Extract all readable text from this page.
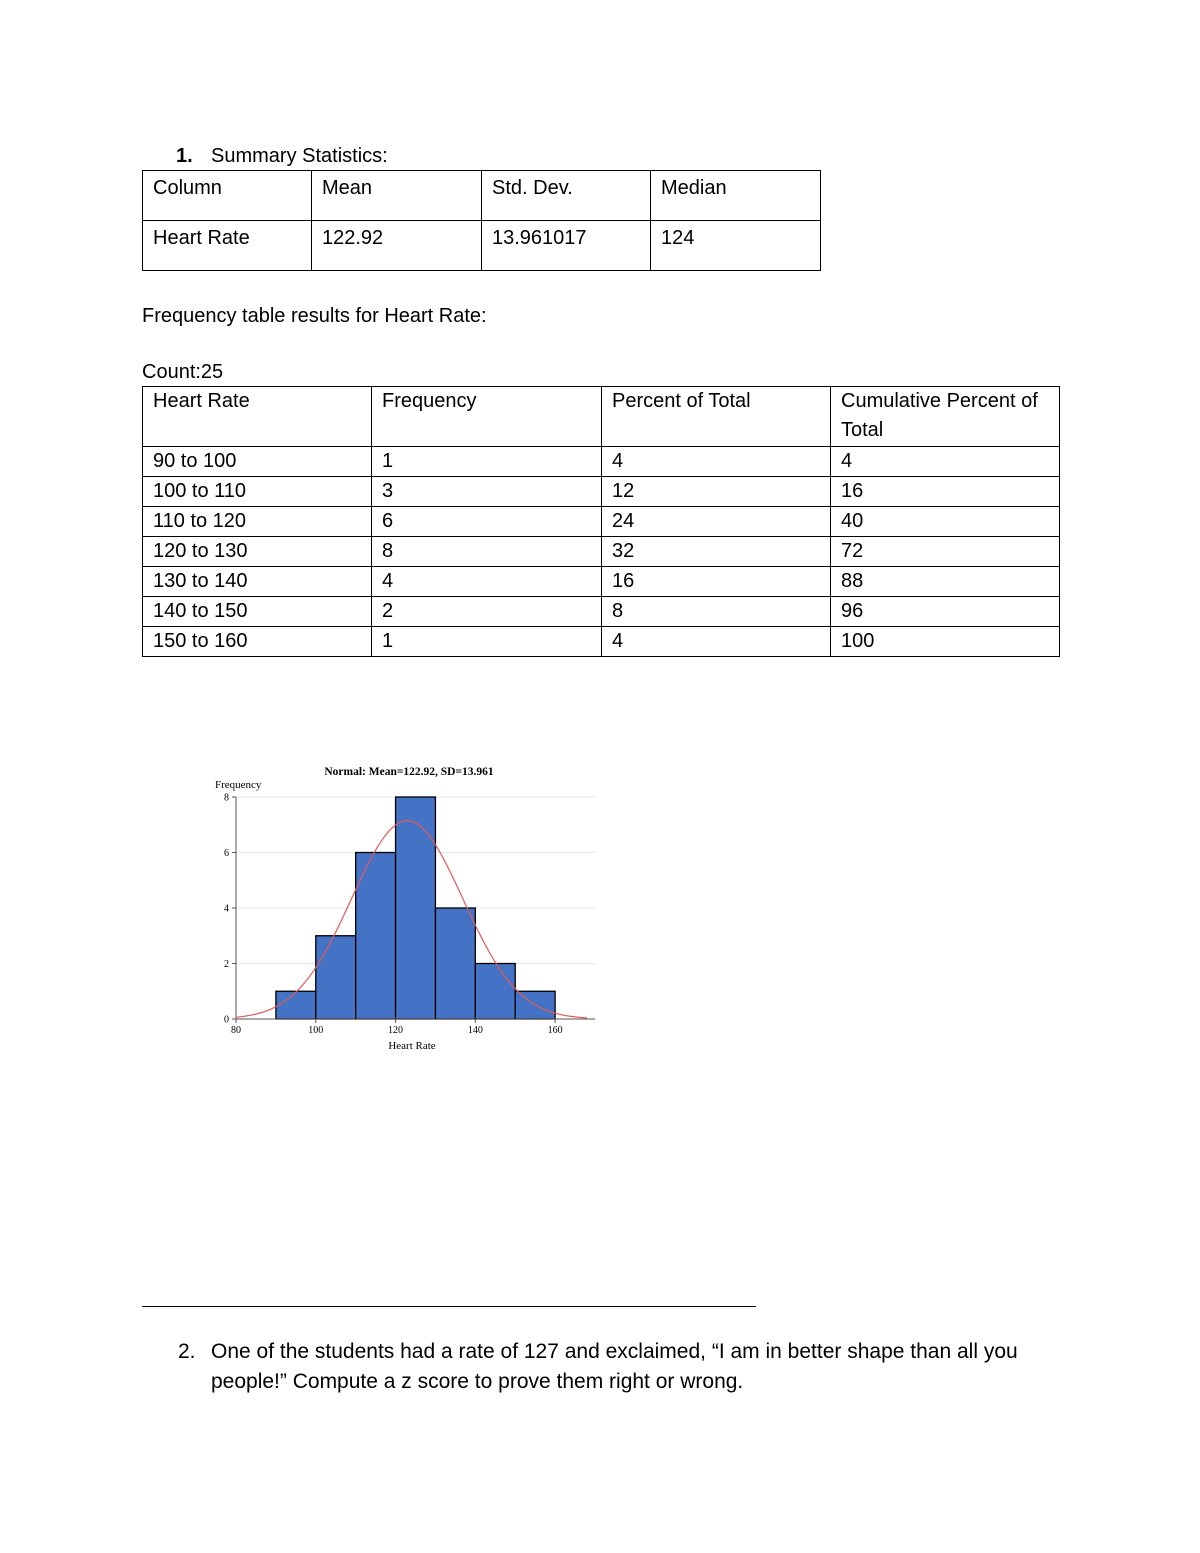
1. Summary Statistics:
Column	Mean	Std. Dev.	Median
Heart Rate	122.92	13.961017	124
Frequency table results for Heart Rate:
Count:25
Heart Rate	Frequency	Percent of Total	Cumulative Percent of Total
90 to 100	1	4	4
100 to 110	3	12	16
110 to 120	6	24	40
120 to 130	8	32	72
130 to 140	4	16	88
140 to 150	2	8	96
150 to 160	1	4	100
Normal: Mean=122.92, SD=13.961
Frequency
Heart Rate
0
2
4
6
8
80	100	120	140	160
2. One of the students had a rate of 127 and exclaimed, “I am in better shape than all you people!” Compute a z score to prove them right or wrong.
